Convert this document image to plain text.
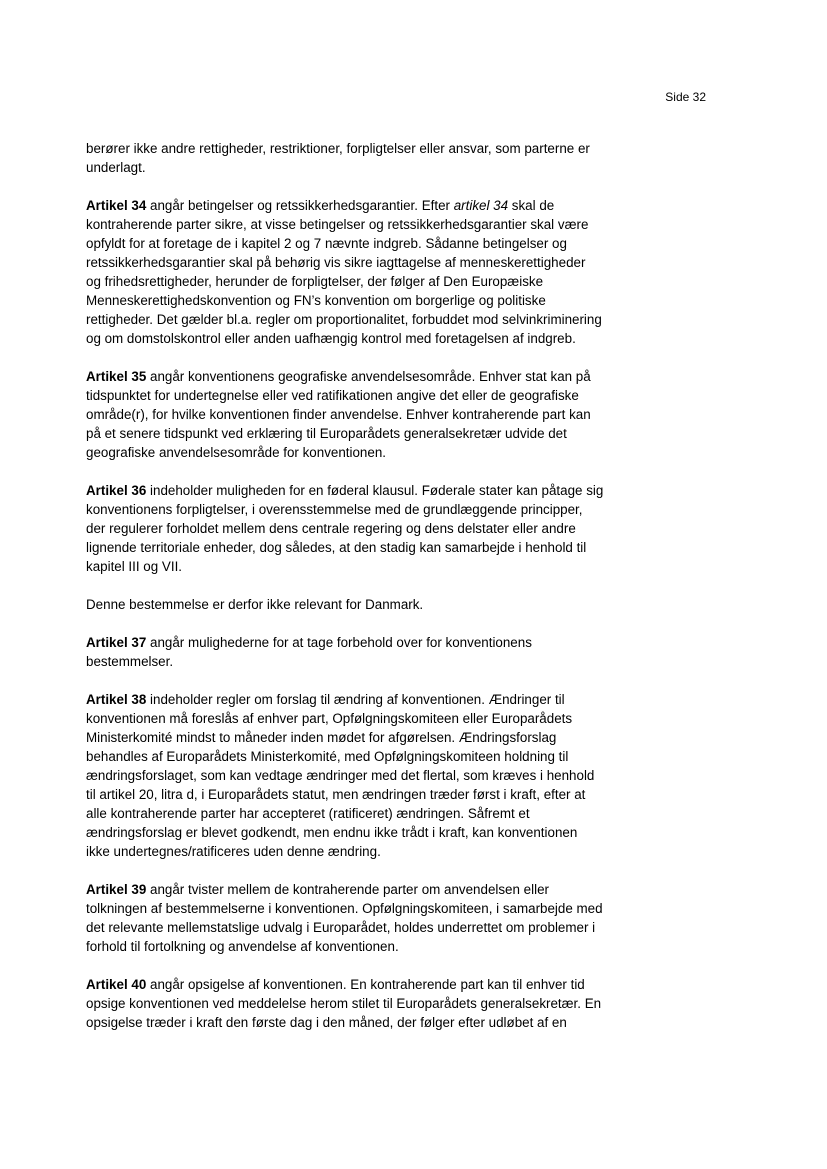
Side 32

berører ikke andre rettigheder, restriktioner, forpligtelser eller ansvar, som parterne er
underlagt.

Artikel 34 angår betingelser og retssikkerhedsgarantier. Efter artikel 34 skal de
kontraherende parter sikre, at visse betingelser og retssikkerhedsgarantier skal være
opfyldt for at foretage de i kapitel 2 og 7 nævnte indgreb. Sådanne betingelser og
retssikkerhedsgarantier skal på behørig vis sikre iagttagelse af menneskerettigheder
og frihedsrettigheder, herunder de forpligtelser, der følger af Den Europæiske
Menneskerettighedskonvention og FN’s konvention om borgerlige og politiske
rettigheder. Det gælder bl.a. regler om proportionalitet, forbuddet mod selvinkriminering
og om domstolskontrol eller anden uafhængig kontrol med foretagelsen af indgreb.

Artikel 35 angår konventionens geografiske anvendelsesområde. Enhver stat kan på
tidspunktet for undertegnelse eller ved ratifikationen angive det eller de geografiske
område(r), for hvilke konventionen finder anvendelse. Enhver kontraherende part kan
på et senere tidspunkt ved erklæring til Europarådets generalsekretær udvide det
geografiske anvendelsesområde for konventionen.

Artikel 36 indeholder muligheden for en føderal klausul. Føderale stater kan påtage sig
konventionens forpligtelser, i overensstemmelse med de grundlæggende principper,
der regulerer forholdet mellem dens centrale regering og dens delstater eller andre
lignende territoriale enheder, dog således, at den stadig kan samarbejde i henhold til
kapitel III og VII.

Denne bestemmelse er derfor ikke relevant for Danmark.

Artikel 37 angår mulighederne for at tage forbehold over for konventionens
bestemmelser.

Artikel 38 indeholder regler om forslag til ændring af konventionen. Ændringer til
konventionen må foreslås af enhver part, Opfølgningskomiteen eller Europarådets
Ministerkomité mindst to måneder inden mødet for afgørelsen. Ændringsforslag
behandles af Europarådets Ministerkomité, med Opfølgningskomiteen holdning til
ændringsforslaget, som kan vedtage ændringer med det flertal, som kræves i henhold
til artikel 20, litra d, i Europarådets statut, men ændringen træder først i kraft, efter at
alle kontraherende parter har accepteret (ratificeret) ændringen. Såfremt et
ændringsforslag er blevet godkendt, men endnu ikke trådt i kraft, kan konventionen
ikke undertegnes/ratificeres uden denne ændring.

Artikel 39 angår tvister mellem de kontraherende parter om anvendelsen eller
tolkningen af bestemmelserne i konventionen. Opfølgningskomiteen, i samarbejde med
det relevante mellemstatslige udvalg i Europarådet, holdes underrettet om problemer i
forhold til fortolkning og anvendelse af konventionen.

Artikel 40 angår opsigelse af konventionen. En kontraherende part kan til enhver tid
opsige konventionen ved meddelelse herom stilet til Europarådets generalsekretær. En
opsigelse træder i kraft den første dag i den måned, der følger efter udløbet af en
